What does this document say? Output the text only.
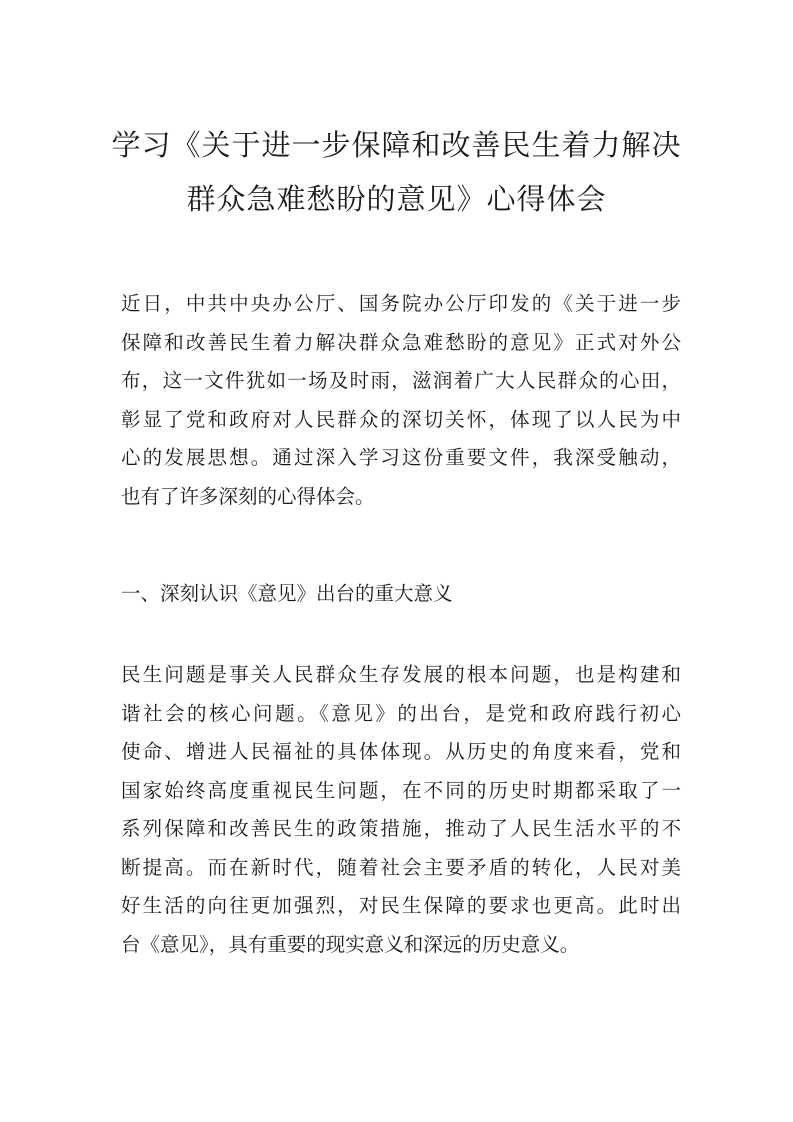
学习《关于进一步保障和改善民生着力解决
群众急难愁盼的意见》心得体会
近日，中共中央办公厅、国务院办公厅印发的《关于进一步
保障和改善民生着力解决群众急难愁盼的意见》正式对外公
布，这一文件犹如一场及时雨，滋润着广大人民群众的心田，
彰显了党和政府对人民群众的深切关怀，体现了以人民为中
心的发展思想。通过深入学习这份重要文件，我深受触动，
也有了许多深刻的心得体会。
一、深刻认识《意见》出台的重大意义
民生问题是事关人民群众生存发展的根本问题，也是构建和
谐社会的核心问题。《意见》的出台，是党和政府践行初心
使命、增进人民福祉的具体体现。从历史的角度来看，党和
国家始终高度重视民生问题，在不同的历史时期都采取了一
系列保障和改善民生的政策措施，推动了人民生活水平的不
断提高。而在新时代，随着社会主要矛盾的转化，人民对美
好生活的向往更加强烈，对民生保障的要求也更高。此时出
台《意见》，具有重要的现实意义和深远的历史意义。
